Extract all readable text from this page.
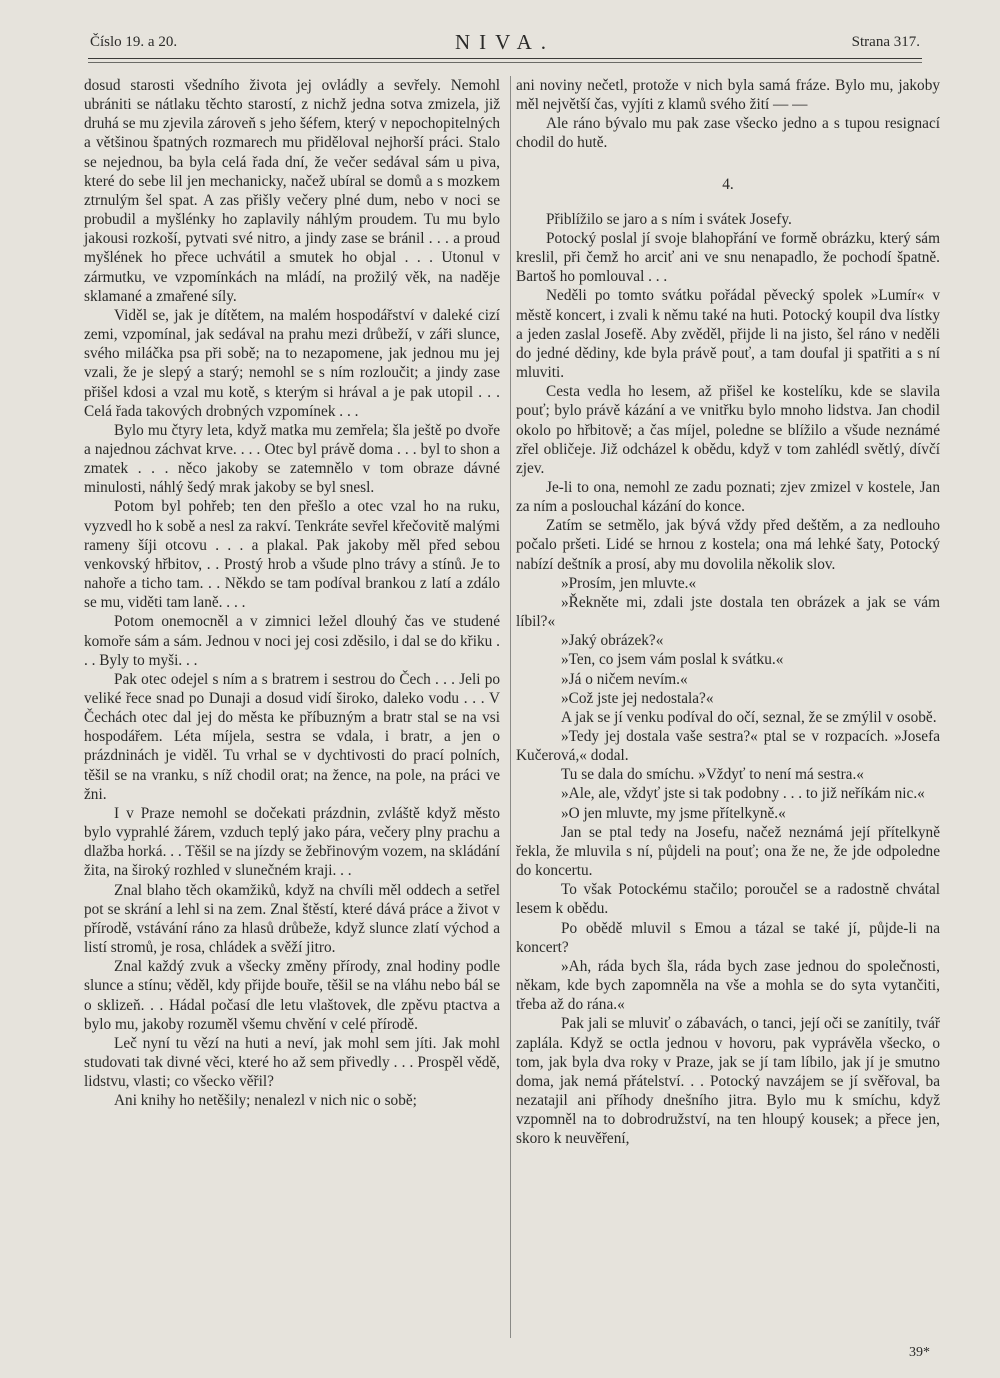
Číslo 19. a 20.	NIVA.	Strana 317.

dosud starosti všedního života jej ovládly a sevřely. Nemohl ubrániti se nátlaku těchto starostí, z nichž jedna sotva zmizela, již druhá se mu zjevila zároveň s jeho šéfem, který v nepochopitelných a většinou špatných rozmarech mu přiděloval nejhorší práci. Stalo se nejednou, ba byla celá řada dní, že večer sedával sám u piva, které do sebe lil jen mechanicky, načež ubíral se domů a s mozkem ztrnulým šel spat. A zas přišly večery plné dum, nebo v noci se probudil a myšlénky ho zaplavily náhlým proudem. Tu mu bylo jakousi rozkoší, pytvati své nitro, a jindy zase se bránil . . . a proud myšlének ho přece uchvátil a smutek ho objal . . . Utonul v zármutku, ve vzpomínkách na mládí, na prožilý věk, na naděje sklamané a zmařené síly.

Viděl se, jak je dítětem, na malém hospodářství v daleké cizí zemi, vzpomínal, jak sedával na prahu mezi drůbeží, v záři slunce, svého miláčka psa při sobě; na to nezapomene, jak jednou mu jej vzali, že je slepý a starý; nemohl se s ním rozloučit; a jindy zase přišel kdosi a vzal mu kotě, s kterým si hrával a je pak utopil . . . Celá řada takových drobných vzpomínek . . .

Bylo mu čtyry leta, když matka mu zemřela; šla ještě po dvoře a najednou záchvat krve. . . . Otec byl právě doma . . . byl to shon a zmatek . . . něco jakoby se zatemnělo v tom obraze dávné minulosti, náhlý šedý mrak jakoby se byl snesl.

Potom byl pohřeb; ten den přešlo a otec vzal ho na ruku, vyzvedl ho k sobě a nesl za rakví. Tenkráte sevřel křečovitě malými rameny šíji otcovu . . . a plakal. Pak jakoby měl před sebou venkovský hřbitov, . . Prostý hrob a všude plno trávy a stínů. Je to nahoře a ticho tam. . . Někdo se tam podíval brankou z latí a zdálo se mu, viděti tam laně. . . .

Potom onemocněl a v zimnici ležel dlouhý čas ve studené komoře sám a sám. Jednou v noci jej cosi zděsilo, i dal se do křiku . . . Byly to myši. . .

Pak otec odejel s ním a s bratrem i sestrou do Čech . . . Jeli po veliké řece snad po Dunaji a dosud vidí široko, daleko vodu . . . V Čechách otec dal jej do města ke příbuzným a bratr stal se na vsi hospodářem. Léta míjela, sestra se vdala, i bratr, a jen o prázdninách je viděl. Tu vrhal se v dychtivosti do prací polních, těšil se na vranku, s níž chodil orat; na žence, na pole, na práci ve žni.

I v Praze nemohl se dočekati prázdnin, zvláště když město bylo vyprahlé žárem, vzduch teplý jako pára, večery plny prachu a dlažba horká. . . Těšil se na jízdy se žebřinovým vozem, na skládání žita, na široký rozhled v slunečném kraji. . .

Znal blaho těch okamžiků, když na chvíli měl oddech a setřel pot se skrání a lehl si na zem. Znal štěstí, které dává práce a život v přírodě, vstávání ráno za hlasů drůbeže, když slunce zlatí východ a listí stromů, je rosa, chládek a svěží jitro.

Znal každý zvuk a všecky změny přírody, znal hodiny podle slunce a stínu; věděl, kdy přijde bouře, těšil se na vláhu nebo bál se o sklizeň. . . Hádal počasí dle letu vlaštovek, dle zpěvu ptactva a bylo mu, jakoby rozuměl všemu chvění v celé přírodě.

Leč nyní tu vězí na huti a neví, jak mohl sem jíti. Jak mohl studovati tak divné věci, které ho až sem přivedly . . . Prospěl vědě, lidstvu, vlasti; co všecko věřil?

Ani knihy ho netěšily; nenalezl v nich nic o sobě;

ani noviny nečetl, protože v nich byla samá fráze. Bylo mu, jakoby měl největší čas, vyjíti z klamů svého žití — —

Ale ráno bývalo mu pak zase všecko jedno a s tupou resignací chodil do hutě.

4.

Přiblížilo se jaro a s ním i svátek Josefy.

Potocký poslal jí svoje blahopřání ve formě obrázku, který sám kreslil, při čemž ho arciť ani ve snu nenapadlo, že pochodí špatně. Bartoš ho pomlouval . . .

Neděli po tomto svátku pořádal pěvecký spolek »Lumír« v městě koncert, i zvali k němu také na huti. Potocký koupil dva lístky a jeden zaslal Josefě. Aby zvěděl, přijde li na jisto, šel ráno v neděli do jedné dědiny, kde byla právě pouť, a tam doufal ji spatřiti a s ní mluviti.

Cesta vedla ho lesem, až přišel ke kostelíku, kde se slavila pouť; bylo právě kázání a ve vnitřku bylo mnoho lidstva. Jan chodil okolo po hřbitově; a čas míjel, poledne se blížilo a všude neznámé zřel obličeje. Již odcházel k obědu, když v tom zahlédl světlý, dívčí zjev.

Je-li to ona, nemohl ze zadu poznati; zjev zmizel v kostele, Jan za ním a poslouchal kázání do konce.

Zatím se setmělo, jak bývá vždy před deštěm, a za nedlouho počalo pršeti. Lidé se hrnou z kostela; ona má lehké šaty, Potocký nabízí deštník a prosí, aby mu dovolila několik slov.

»Prosím, jen mluvte.«

»Řekněte mi, zdali jste dostala ten obrázek a jak se vám líbil?«

»Jaký obrázek?«

»Ten, co jsem vám poslal k svátku.«

»Já o ničem nevím.«

»Což jste jej nedostala?«

A jak se jí venku podíval do očí, seznal, že se zmýlil v osobě.

»Tedy jej dostala vaše sestra?« ptal se v rozpacích. »Josefa Kučerová,« dodal.

Tu se dala do smíchu. »Vždyť to není má sestra.«

»Ale, ale, vždyť jste si tak podobny . . . to již neříkám nic.«

»O jen mluvte, my jsme přítelkyně.«

Jan se ptal tedy na Josefu, načež neznámá její přítelkyně řekla, že mluvila s ní, půjdeli na pouť; ona že ne, že jde odpoledne do koncertu.

To však Potockému stačilo; poroučel se a radostně chvátal lesem k obědu.

Po obědě mluvil s Emou a tázal se také jí, půjde-li na koncert?

»Ah, ráda bych šla, ráda bych zase jednou do společnosti, někam, kde bych zapomněla na vše a mohla se do syta vytančiti, třeba až do rána.«

Pak jali se mluviť o zábavách, o tanci, její oči se zanítily, tvář zaplála. Když se octla jednou v hovoru, pak vyprávěla všecko, o tom, jak byla dva roky v Praze, jak se jí tam líbilo, jak jí je smutno doma, jak nemá přátelství. . . Potocký navzájem se jí svěřoval, ba nezatajil ani příhody dnešního jitra. Bylo mu k smíchu, když vzpomněl na to dobrodružství, na ten hloupý kousek; a přece jen, skoro k neuvěření,

39*
